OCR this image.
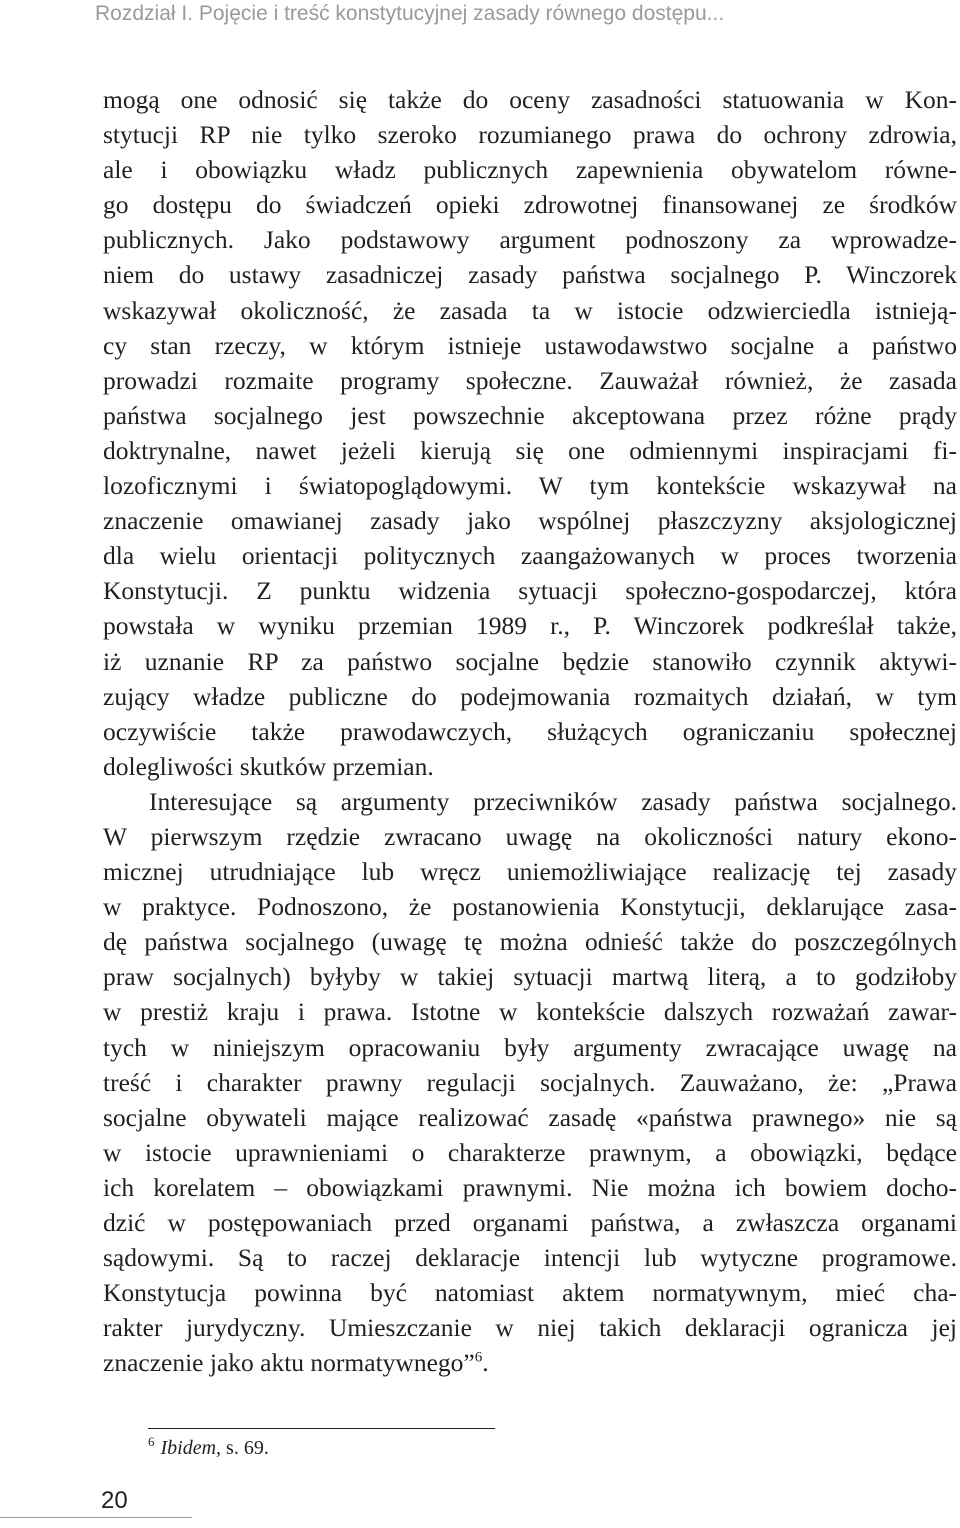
Rozdział I. Pojęcie i treść konstytucyjnej zasady równego dostępu...

mogą one odnosić się także do oceny zasadności statuowania w Kon-
stytucji RP nie tylko szeroko rozumianego prawa do ochrony zdrowia,
ale i obowiązku władz publicznych zapewnienia obywatelom równe-
go dostępu do świadczeń opieki zdrowotnej finansowanej ze środków
publicznych. Jako podstawowy argument podnoszony za wprowadze-
niem do ustawy zasadniczej zasady państwa socjalnego P. Winczorek
wskazywał okoliczność, że zasada ta w istocie odzwierciedla istnieją-
cy stan rzeczy, w którym istnieje ustawodawstwo socjalne a państwo
prowadzi rozmaite programy społeczne. Zauważał również, że zasada
państwa socjalnego jest powszechnie akceptowana przez różne prądy
doktrynalne, nawet jeżeli kierują się one odmiennymi inspiracjami fi-
lozoficznymi i światopoglądowymi. W tym kontekście wskazywał na
znaczenie omawianej zasady jako wspólnej płaszczyzny aksjologicznej
dla wielu orientacji politycznych zaangażowanych w proces tworzenia
Konstytucji. Z punktu widzenia sytuacji społeczno-gospodarczej, która
powstała w wyniku przemian 1989 r., P. Winczorek podkreślał także,
iż uznanie RP za państwo socjalne będzie stanowiło czynnik aktywi-
zujący władze publiczne do podejmowania rozmaitych działań, w tym
oczywiście także prawodawczych, służących ograniczaniu społecznej
dolegliwości skutków przemian.

Interesujące są argumenty przeciwników zasady państwa socjalnego.
W pierwszym rzędzie zwracano uwagę na okoliczności natury ekono-
micznej utrudniające lub wręcz uniemożliwiające realizację tej zasady
w praktyce. Podnoszono, że postanowienia Konstytucji, deklarujące zasa-
dę państwa socjalnego (uwagę tę można odnieść także do poszczególnych
praw socjalnych) byłyby w takiej sytuacji martwą literą, a to godziłoby
w prestiż kraju i prawa. Istotne w kontekście dalszych rozważań zawar-
tych w niniejszym opracowaniu były argumenty zwracające uwagę na
treść i charakter prawny regulacji socjalnych. Zauważano, że: „Prawa
socjalne obywateli mające realizować zasadę «państwa prawnego» nie są
w istocie uprawnieniami o charakterze prawnym, a obowiązki, będące
ich korelatem – obowiązkami prawnymi. Nie można ich bowiem docho-
dzić w postępowaniach przed organami państwa, a zwłaszcza organami
sądowymi. Są to raczej deklaracje intencji lub wytyczne programowe.
Konstytucja powinna być natomiast aktem normatywnym, mieć cha-
rakter jurydyczny. Umieszczanie w niej takich deklaracji ogranicza jej
znaczenie jako aktu normatywnego”$^6$.

$^6$ Ibidem, s. 69.
20
